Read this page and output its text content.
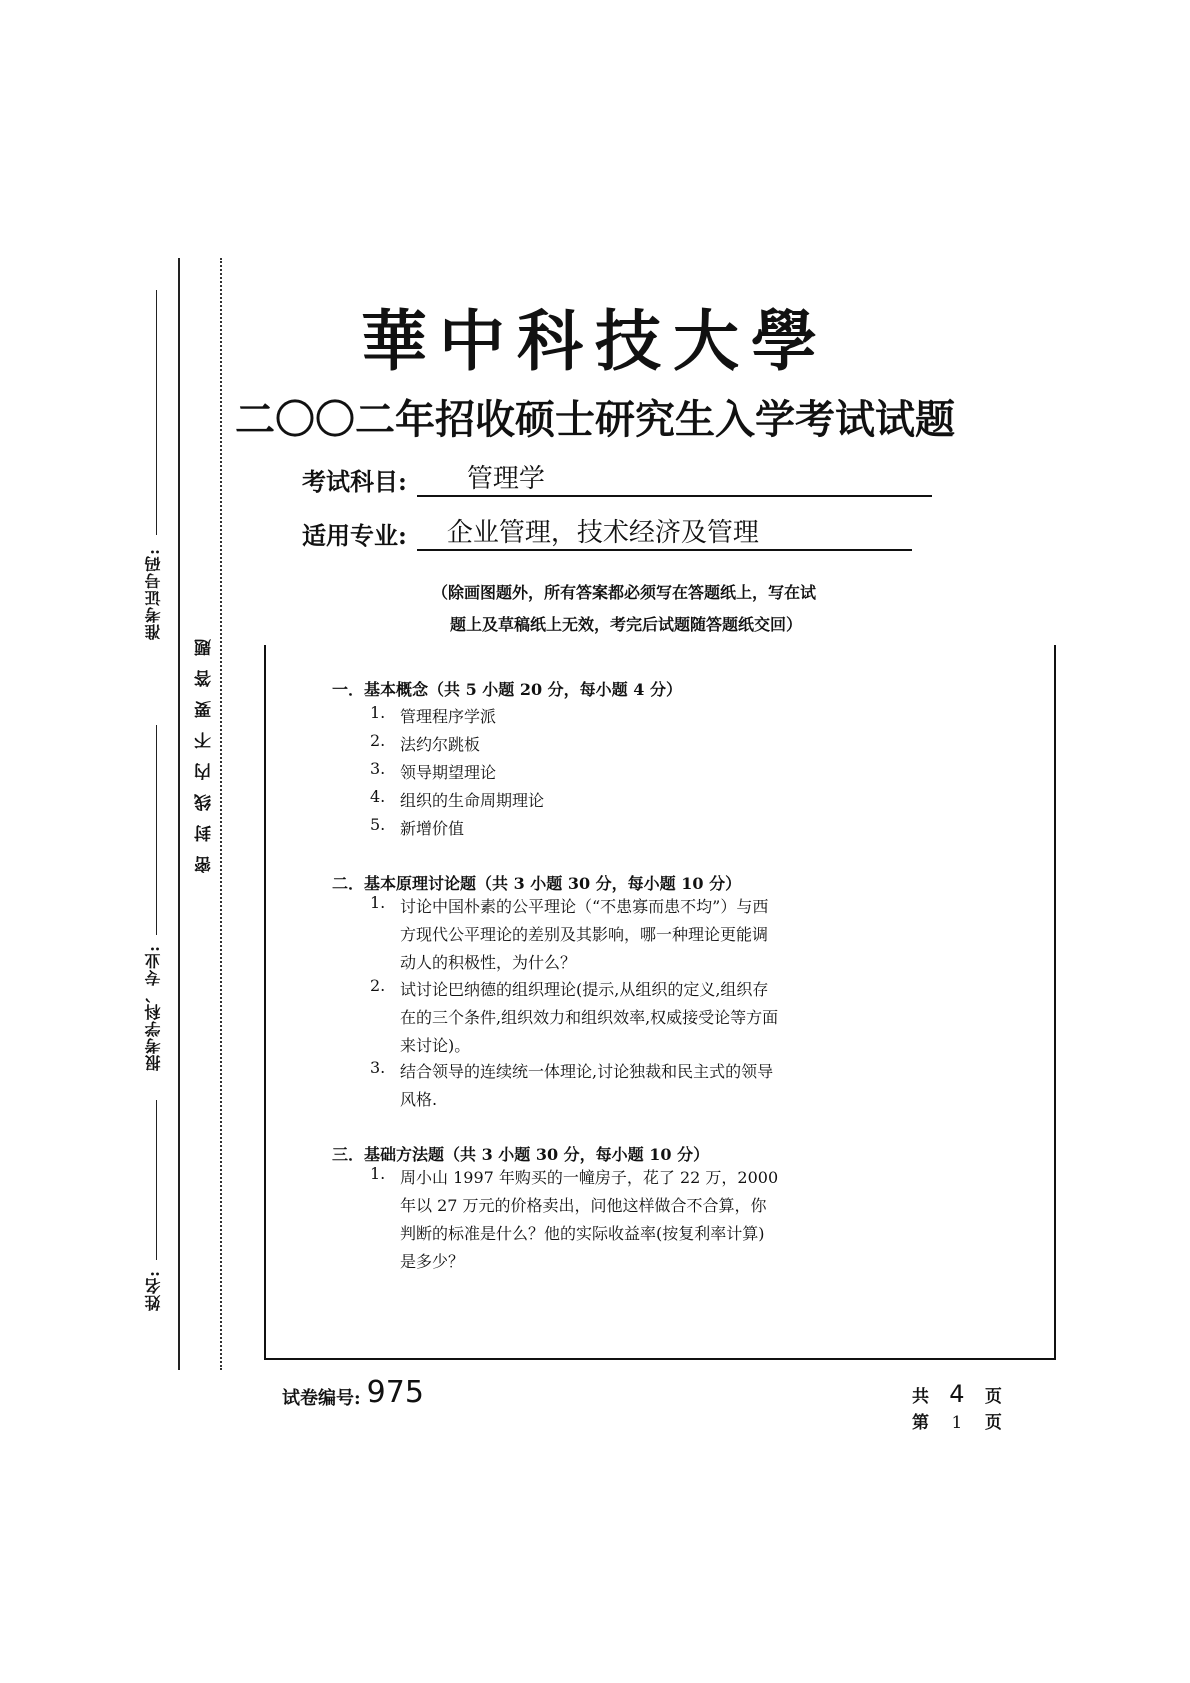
准考证号码:
报考学科、专业:
姓名:
密封线内不要答题
華中科技大學
二〇〇二年招收硕士研究生入学考试试题
考试科目:	管理学
适用专业:	企业管理，技术经济及管理
（除画图题外，所有答案都必须写在答题纸上，写在试
题上及草稿纸上无效，考完后试题随答题纸交回）
一．基本概念（共 5 小题 20 分，每小题 4 分）
1. 管理程序学派
2. 法约尔跳板
3. 领导期望理论
4. 组织的生命周期理论
5. 新增价值
二．基本原理讨论题（共 3 小题 30 分，每小题 10 分）
1. 讨论中国朴素的公平理论（“不患寡而患不均”）与西方现代公平理论的差别及其影响，哪一种理论更能调动人的积极性，为什么？
2. 试讨论巴纳德的组织理论(提示,从组织的定义,组织存在的三个条件,组织效力和组织效率,权威接受论等方面来讨论)。
3. 结合领导的连续统一体理论,讨论独裁和民主式的领导风格.
三．基础方法题（共 3 小题 30 分，每小题 10 分）
1. 周小山 1997 年购买的一幢房子，花了 22 万，2000 年以 27 万元的价格卖出，问他这样做合不合算，你判断的标准是什么？他的实际收益率(按复利率计算)是多少？
试卷编号: 975	共 4 页
第 1 页
